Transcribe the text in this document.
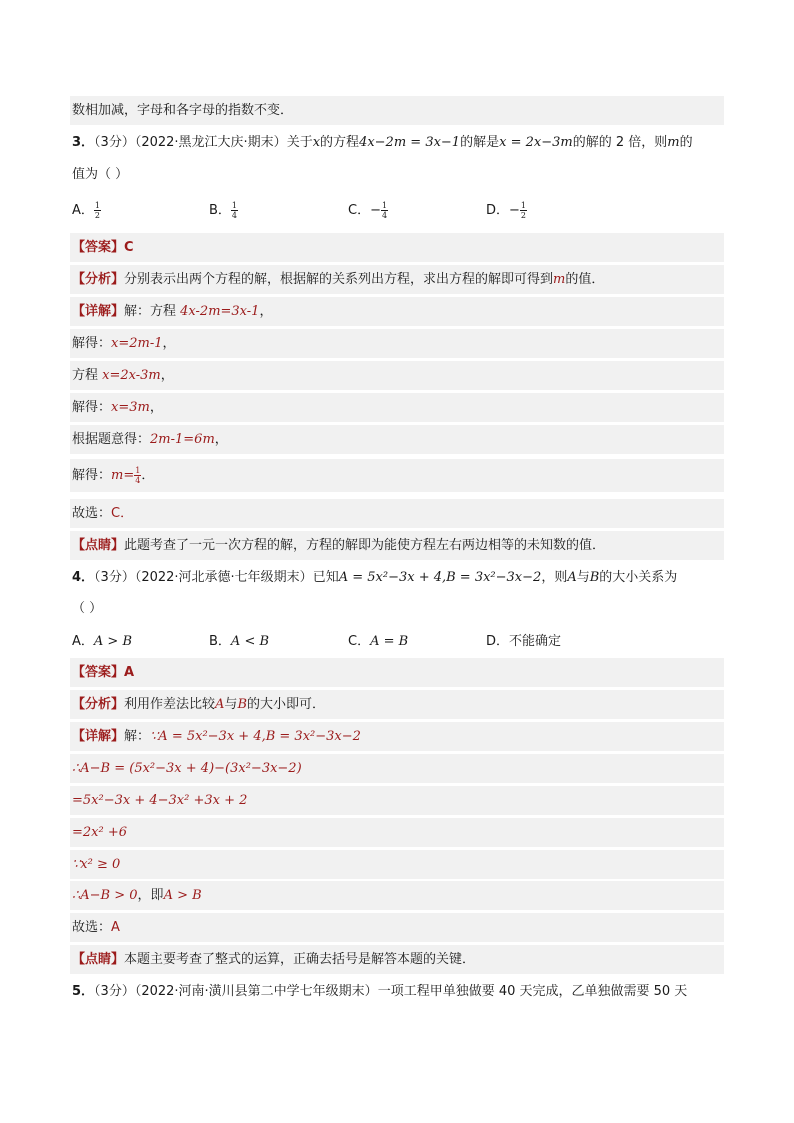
数相加减，字母和各字母的指数不变．
3．（3分）（2022·黑龙江大庆·期末）关于x的方程4x−2m = 3x−1的解是x = 2x−3m的解的 2 倍，则m的
值为（ ）
A． $\frac{1}{2}$	B． $\frac{1}{4}$	C．− $\frac{1}{4}$	D．− $\frac{1}{2}$
【答案】C
【分析】分别表示出两个方程的解，根据解的关系列出方程，求出方程的解即可得到m的值．
【详解】解：方程 4x-2m=3x-1，
解得：x=2m-1，
方程 x=2x-3m，
解得：x=3m，
根据题意得：2m-1=6m，
解得：$m= \frac{1}{4}$ ．
故选：C．
【点睛】此题考查了一元一次方程的解，方程的解即为能使方程左右两边相等的未知数的值．
4．（3分）（2022·河北承德·七年级期末）已知A = 5x²−3x + 4,B = 3x²−3x−2，则A与B的大小关系为
（ ）
A．A > B	B．A < B	C．A = B	D．不能确定
【答案】A
【分析】利用作差法比较A与B的大小即可．
【详解】解：∵A = 5x²−3x + 4,B = 3x²−3x−2
∴A−B = (5x²−3x + 4)−(3x²−3x−2)
=5x²−3x + 4−3x² +3x + 2
=2x² +6
∵x² ≥ 0
∴A−B > 0，即A > B
故选：A
【点睛】本题主要考查了整式的运算，正确去括号是解答本题的关键．
5．（3分）（2022·河南·潢川县第二中学七年级期末）一项工程甲单独做要 40 天完成，乙单独做需要 50 天
